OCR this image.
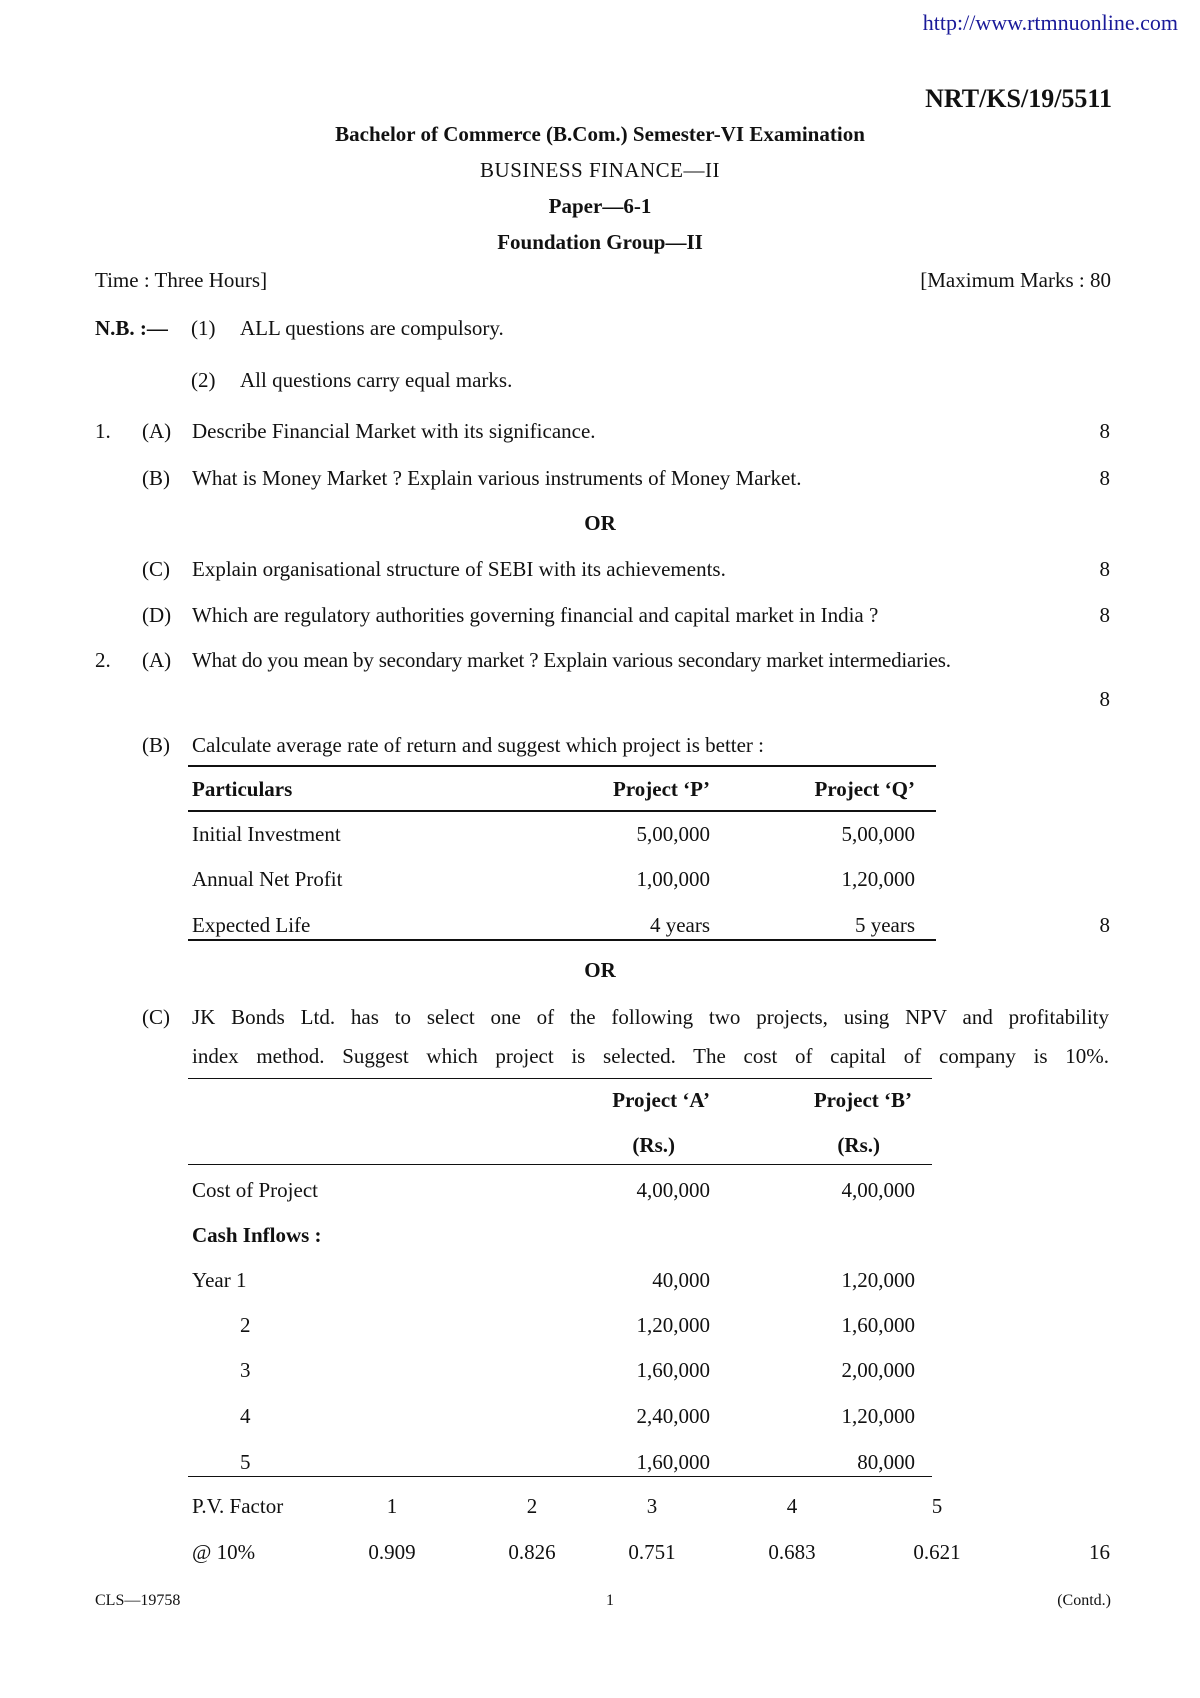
http://www.rtmnuonline.com
NRT/KS/19/5511
Bachelor of Commerce (B.Com.) Semester-VI Examination
BUSINESS FINANCE—II
Paper—6-1
Foundation Group—II
Time : Three Hours]	[Maximum Marks : 80
N.B. :— (1) ALL questions are compulsory.
(2) All questions carry equal marks.
1. (A) Describe Financial Market with its significance.	8
(B) What is Money Market ? Explain various instruments of Money Market.	8
OR
(C) Explain organisational structure of SEBI with its achievements.	8
(D) Which are regulatory authorities governing financial and capital market in India ?	8
2. (A) What do you mean by secondary market ? Explain various secondary market intermediaries.
8
(B) Calculate average rate of return and suggest which project is better :
Particulars	Project ‘P’	Project ‘Q’
Initial Investment	5,00,000	5,00,000
Annual Net Profit	1,00,000	1,20,000
Expected Life	4 years	5 years	8
OR
(C) JK Bonds Ltd. has to select one of the following two projects, using NPV and profitability
index method. Suggest which project is selected. The cost of capital of company is 10%.
Project ‘A’	Project ‘B’
(Rs.)	(Rs.)
Cost of Project	4,00,000	4,00,000
Cash Inflows :
Year 1	40,000	1,20,000
2	1,20,000	1,60,000
3	1,60,000	2,00,000
4	2,40,000	1,20,000
5	1,60,000	80,000
P.V. Factor	1	2	3	4	5
@ 10%	0.909	0.826	0.751	0.683	0.621	16
CLS—19758	1	(Contd.)
